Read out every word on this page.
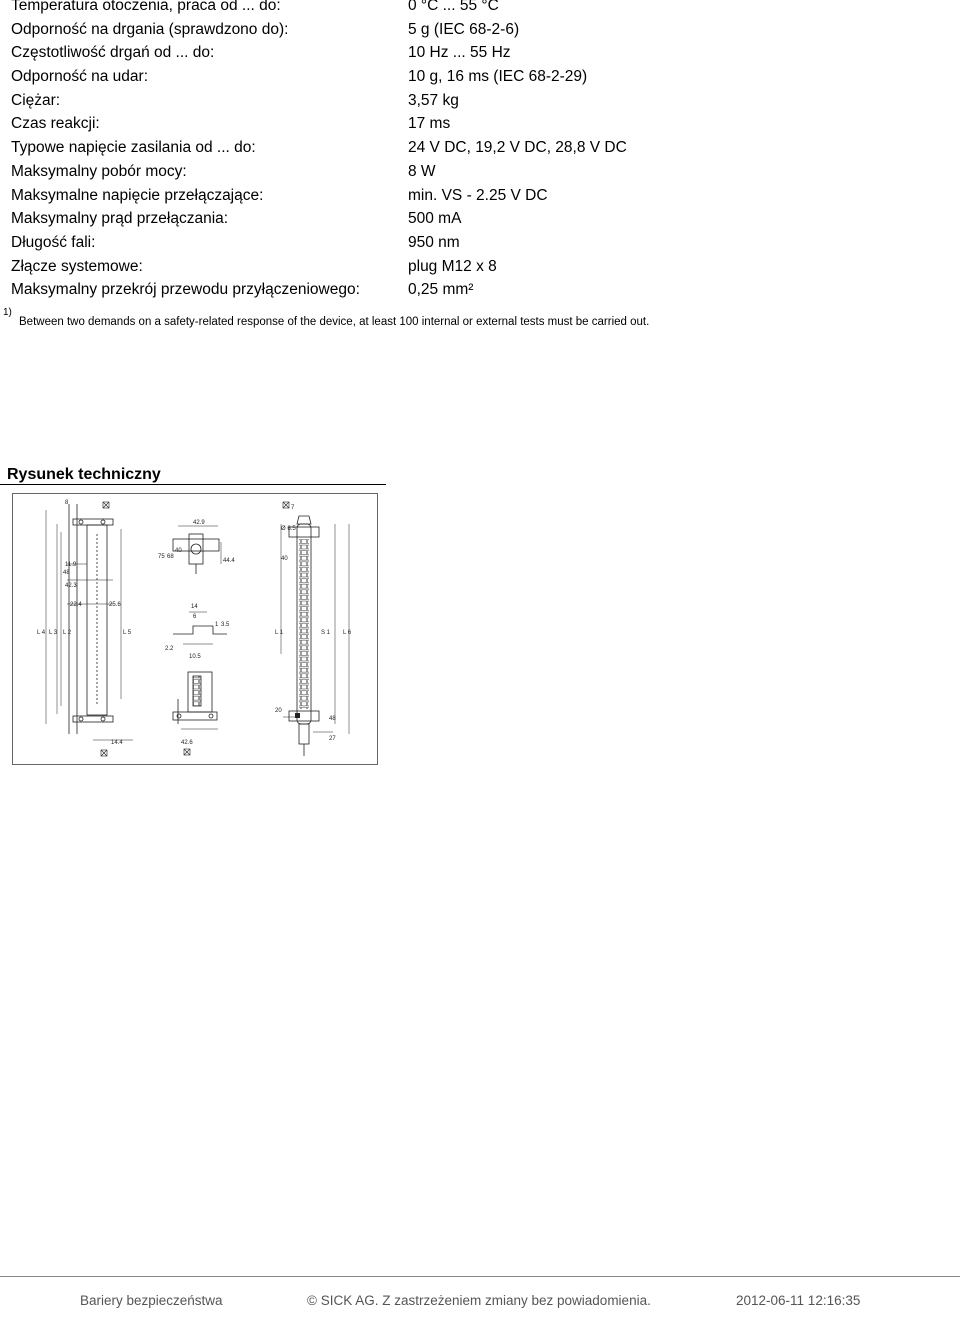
Temperatura otoczenia, praca od ... do:	0 °C ... 55 °C
Odporność na drgania (sprawdzono do):	5 g (IEC 68-2-6)
Częstotliwość drgań od ... do:	10 Hz ... 55 Hz
Odporność na udar:	10 g, 16 ms (IEC 68-2-29)
Ciężar:	3,57 kg
Czas reakcji:	17 ms
Typowe napięcie zasilania od ... do:	24 V DC, 19,2 V DC, 28,8 V DC
Maksymalny pobór mocy:	8 W
Maksymalne napięcie przełączające:	min. VS - 2.25 V DC
Maksymalny prąd przełączania:	500 mA
Długość fali:	950 nm
Złącze systemowe:	plug M12 x 8
Maksymalny przekrój przewodu przyłączeniowego:	0,25 mm²
1)
Between two demands on a safety-related response of the device, at least 100 internal or external tests must be carried out.
Rysunek techniczny
8
7
42.9
40
75 68
44.4
11.9
48
42.3
22.4	25.6	14
6
1 3.5
2.2
10.5
14.4	42.6
20
27
40
48
Ø 6.5
L 4 L 3 L 2	L 5	L 1	S 1 L 6
Bariery bezpieczeństwa	© SICK AG. Z zastrzeżeniem zmiany bez powiadomienia.	2012-06-11 12:16:35
